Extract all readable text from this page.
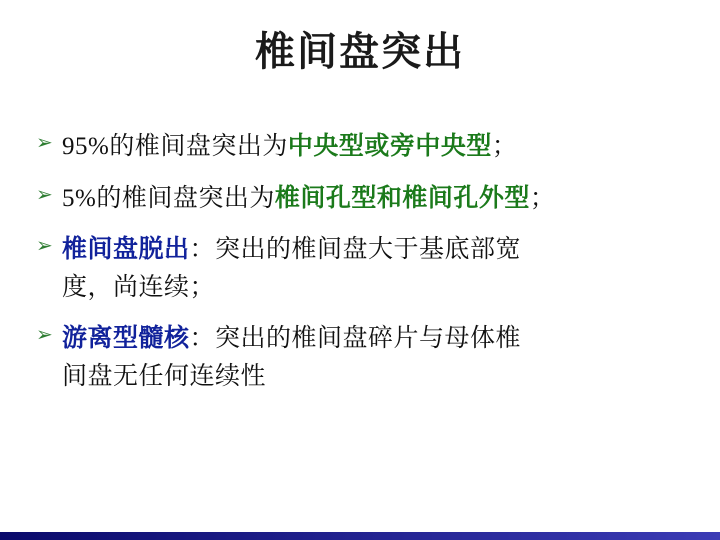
椎间盘突出
➢ 95%的椎间盘突出为中央型或旁中央型；
➢ 5%的椎间盘突出为椎间孔型和椎间孔外型；
➢ 椎间盘脱出：突出的椎间盘大于基底部宽
度，尚连续；
➢ 游离型髓核：突出的椎间盘碎片与母体椎
间盘无任何连续性
